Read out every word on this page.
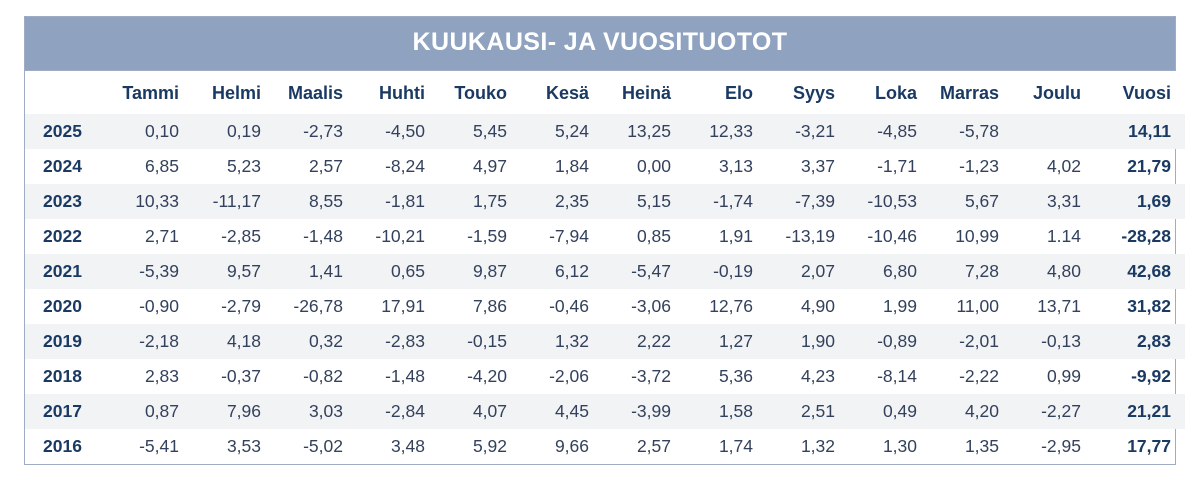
KUUKAUSI- JA VUOSITUOTOT
	Tammi	Helmi	Maalis	Huhti	Touko	Kesä	Heinä	Elo	Syys	Loka	Marras	Joulu	Vuosi
2025	0,10	0,19	-2,73	-4,50	5,45	5,24	13,25	12,33	-3,21	-4,85	-5,78		14,11
2024	6,85	5,23	2,57	-8,24	4,97	1,84	0,00	3,13	3,37	-1,71	-1,23	4,02	21,79
2023	10,33	-11,17	8,55	-1,81	1,75	2,35	5,15	-1,74	-7,39	-10,53	5,67	3,31	1,69
2022	2,71	-2,85	-1,48	-10,21	-1,59	-7,94	0,85	1,91	-13,19	-10,46	10,99	1.14	-28,28
2021	-5,39	9,57	1,41	0,65	9,87	6,12	-5,47	-0,19	2,07	6,80	7,28	4,80	42,68
2020	-0,90	-2,79	-26,78	17,91	7,86	-0,46	-3,06	12,76	4,90	1,99	11,00	13,71	31,82
2019	-2,18	4,18	0,32	-2,83	-0,15	1,32	2,22	1,27	1,90	-0,89	-2,01	-0,13	2,83
2018	2,83	-0,37	-0,82	-1,48	-4,20	-2,06	-3,72	5,36	4,23	-8,14	-2,22	0,99	-9,92
2017	0,87	7,96	3,03	-2,84	4,07	4,45	-3,99	1,58	2,51	0,49	4,20	-2,27	21,21
2016	-5,41	3,53	-5,02	3,48	5,92	9,66	2,57	1,74	1,32	1,30	1,35	-2,95	17,77
